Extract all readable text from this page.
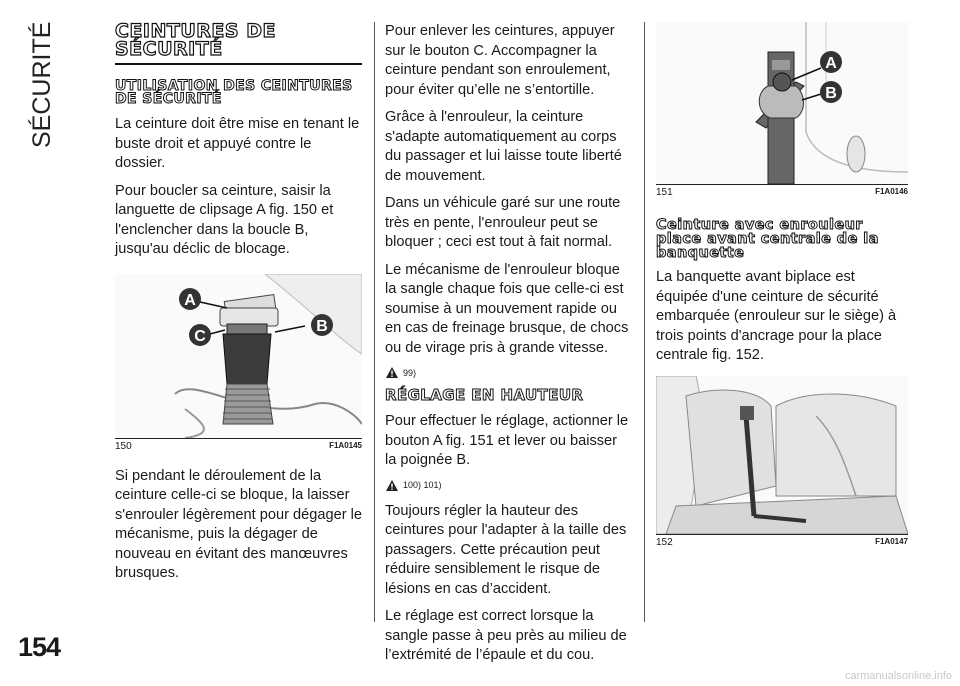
SÉCURITÉ
154
CEINTURES DE SÉCURITÉ
UTILISATION DES CEINTURES DE SÉCURITÉ

La ceinture doit être mise en tenant le buste droit et appuyé contre le dossier.

Pour boucler sa ceinture, saisir la languette de clipsage A fig. 150 et l'enclencher dans la boucle B, jusqu'au déclic de blocage.

A
B
C
150	F1A0145

Si pendant le déroulement de la ceinture celle-ci se bloque, la laisser s'enrouler légèrement pour dégager le mécanisme, puis la dégager de nouveau en évitant des manœuvres brusques.

Pour enlever les ceintures, appuyer sur le bouton C. Accompagner la ceinture pendant son enroulement, pour éviter qu’elle ne s’entortille.

Grâce à l'enrouleur, la ceinture s'adapte automatiquement au corps du passager et lui laisse toute liberté de mouvement.

Dans un véhicule garé sur une route très en pente, l'enrouleur peut se bloquer ; ceci est tout à fait normal.

Le mécanisme de l'enrouleur bloque la sangle chaque fois que celle-ci est soumise à un mouvement rapide ou en cas de freinage brusque, de chocs ou de virage pris à grande vitesse.

99)
RÉGLAGE EN HAUTEUR

Pour effectuer le réglage, actionner le bouton A fig. 151 et lever ou baisser la poignée B.

100) 101)

Toujours régler la hauteur des ceintures pour l'adapter à la taille des passagers. Cette précaution peut réduire sensiblement le risque de lésions en cas d’accident.

Le réglage est correct lorsque la sangle passe à peu près au milieu de l’extrémité de l’épaule et du cou.

A
B
151	F1A0146
Ceinture avec enrouleur place avant centrale de la banquette

La banquette avant biplace est équipée d'une ceinture de sécurité embarquée (enrouleur sur le siège) à trois points d'ancrage pour la place centrale fig. 152.

152	F1A0147
carmanualsonline.info
